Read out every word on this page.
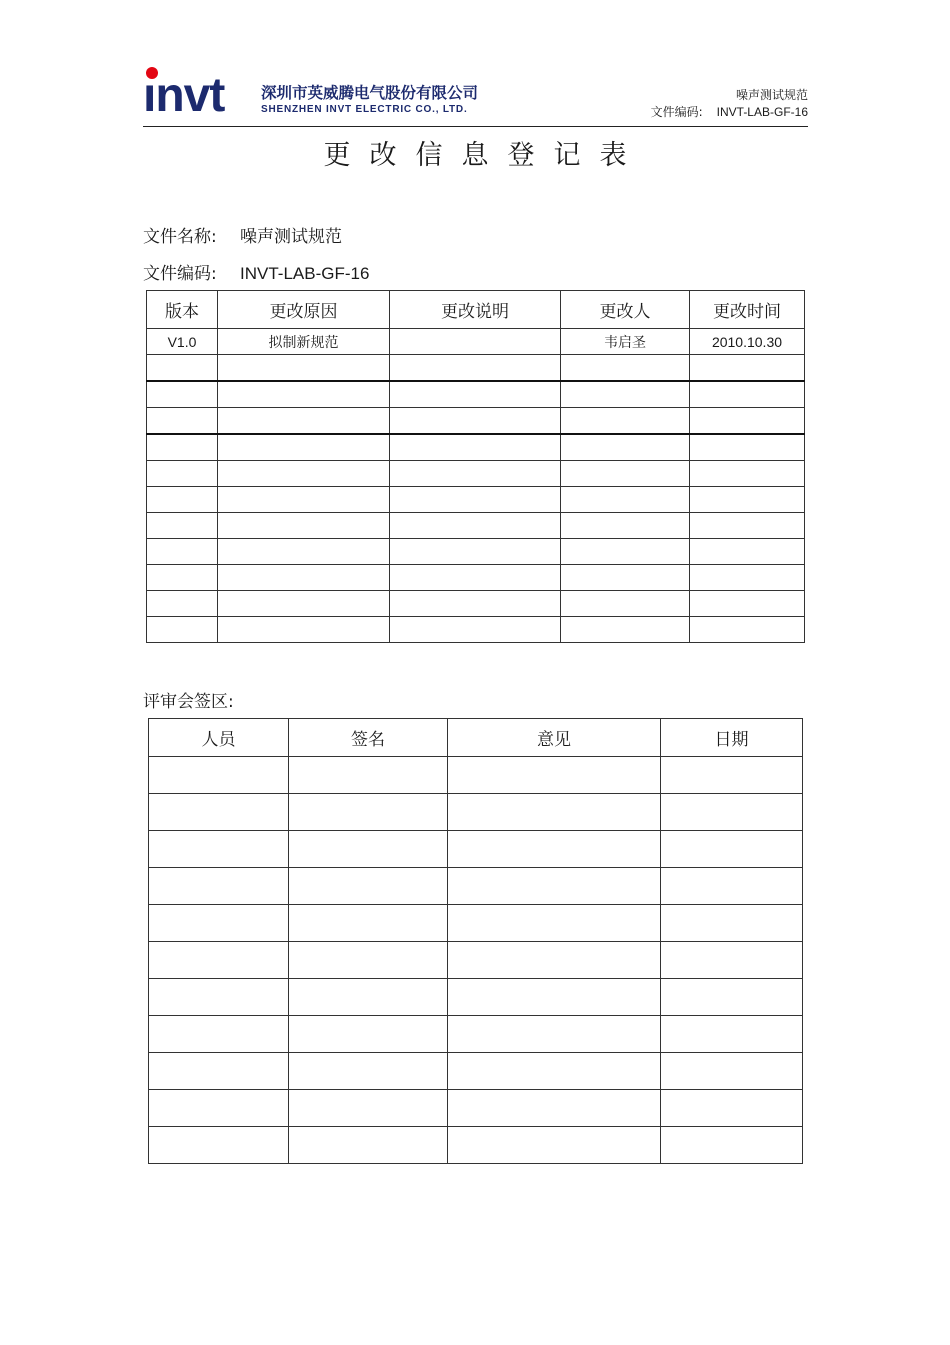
ınvt 深圳市英威腾电气股份有限公司
SHENZHEN INVT ELECTRIC CO., LTD.
噪声测试规范
文件编码: INVT-LAB-GF-16
更改信息登记表
文件名称: 噪声测试规范
文件编码: INVT-LAB-GF-16
版本	更改原因	更改说明	更改人	更改时间
V1.0	拟制新规范		韦启圣	2010.10.30

评审会签区:
人员	签名	意见	日期
